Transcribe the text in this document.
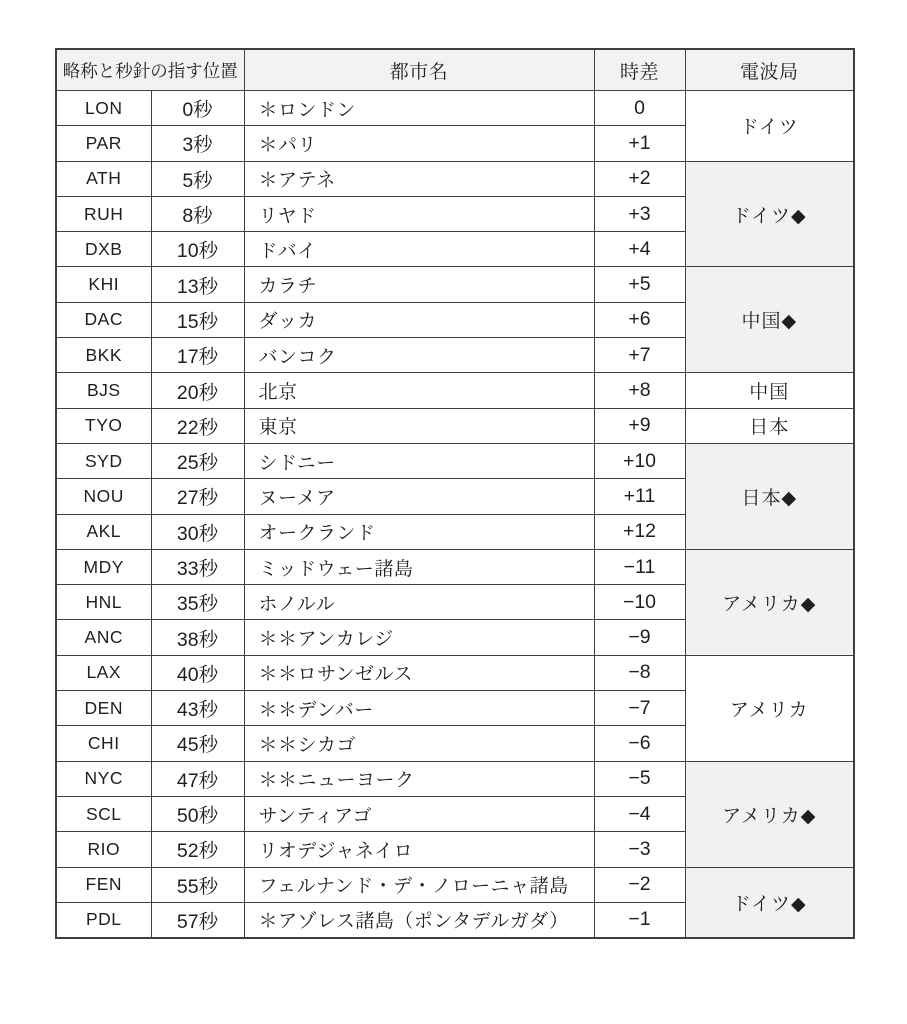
略称と秒針の指す位置		都市名	時差	電波局
LON	0秒	＊ロンドン	0	ドイツ
PAR	3秒	＊パリ	+1	
ATH	5秒	＊アテネ	+2	ドイツ◆
RUH	8秒	リヤド	+3	
DXB	10秒	ドバイ	+4	
KHI	13秒	カラチ	+5	中国◆
DAC	15秒	ダッカ	+6	
BKK	17秒	バンコク	+7	
BJS	20秒	北京	+8	中国
TYO	22秒	東京	+9	日本
SYD	25秒	シドニー	+10	日本◆
NOU	27秒	ヌーメア	+11	
AKL	30秒	オークランド	+12	
MDY	33秒	ミッドウェー諸島	−11	アメリカ◆
HNL	35秒	ホノルル	−10	
ANC	38秒	＊＊アンカレジ	−9	
LAX	40秒	＊＊ロサンゼルス	−8	アメリカ
DEN	43秒	＊＊デンバー	−7	
CHI	45秒	＊＊シカゴ	−6	
NYC	47秒	＊＊ニューヨーク	−5	アメリカ◆
SCL	50秒	サンティアゴ	−4	
RIO	52秒	リオデジャネイロ	−3	
FEN	55秒	フェルナンド・デ・ノローニャ諸島	−2	ドイツ◆
PDL	57秒	＊アゾレス諸島（ポンタデルガダ）	−1	
